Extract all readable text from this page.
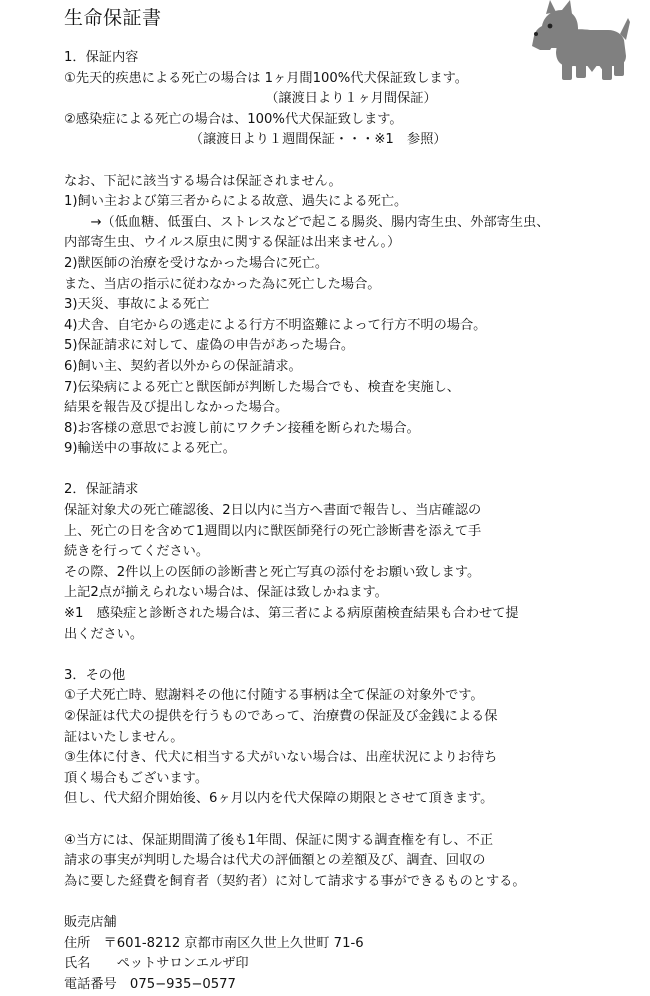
生命保証書
1．保証内容
①先天的疾患による死亡の場合は 1ヶ月間100%代犬保証致します。
（譲渡日より１ヶ月間保証）
②感染症による死亡の場合は、100%代犬保証致します。
（譲渡日より１週間保証・・・※1　参照）
なお、下記に該当する場合は保証されません。
1)飼い主および第三者からによる故意、過失による死亡。
　　→（低血糖、低蛋白、ストレスなどで起こる腸炎、腸内寄生虫、外部寄生虫、
内部寄生虫、ウイルス原虫に関する保証は出来ません。）
2)獣医師の治療を受けなかった場合に死亡。
また、当店の指示に従わなかった為に死亡した場合。
3)天災、事故による死亡
4)犬舎、自宅からの逃走による行方不明盗難によって行方不明の場合。
5)保証請求に対して、虚偽の申告があった場合。
6)飼い主、契約者以外からの保証請求。
7)伝染病による死亡と獣医師が判断した場合でも、検査を実施し、
結果を報告及び提出しなかった場合。
8)お客様の意思でお渡し前にワクチン接種を断られた場合。
9)輸送中の事故による死亡。
2．保証請求
保証対象犬の死亡確認後、2日以内に当方へ書面で報告し、当店確認の
上、死亡の日を含めて1週間以内に獣医師発行の死亡診断書を添えて手
続きを行ってください。
その際、2件以上の医師の診断書と死亡写真の添付をお願い致します。
上記2点が揃えられない場合は、保証は致しかねます。
※1　感染症と診断された場合は、第三者による病原菌検査結果も合わせて提
出ください。
3．その他
①子犬死亡時、慰謝料その他に付随する事柄は全て保証の対象外です。
②保証は代犬の提供を行うものであって、治療費の保証及び金銭による保
証はいたしません。
③生体に付き、代犬に相当する犬がいない場合は、出産状況によりお待ち
頂く場合もございます。
但し、代犬紹介開始後、6ヶ月以内を代犬保障の期限とさせて頂きます。
④当方には、保証期間満了後も1年間、保証に関する調査権を有し、不正
請求の事実が判明した場合は代犬の評価額との差額及び、調査、回収の
為に要した経費を飼育者（契約者）に対して請求する事ができるものとする。
販売店舗
住所　〒601-8212 京都市南区久世上久世町 71-6
氏名　　ペットサロンエルザ印
電話番号　075−935−0577
